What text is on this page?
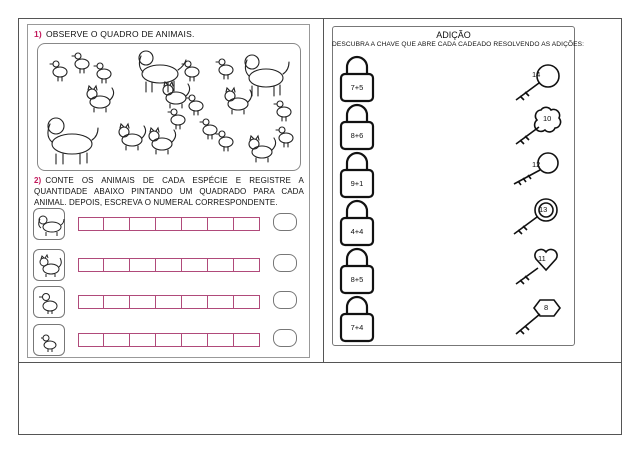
1) OBSERVE O QUADRO DE ANIMAIS.
2) CONTE OS ANIMAIS DE CADA ESPÉCIE E REGISTRE A QUANTIDADE ABAIXO PINTANDO UM QUADRADO PARA CADA ANIMAL. DEPOIS, ESCREVA O NUMERAL CORRESPONDENTE.
ADIÇÃO
DESCUBRA A CHAVE QUE ABRE CADA CADEADO RESOLVENDO AS ADIÇÕES:
7+5
8+6
9+1
4+4
8+5
7+4
14
10
12
13
11
8
